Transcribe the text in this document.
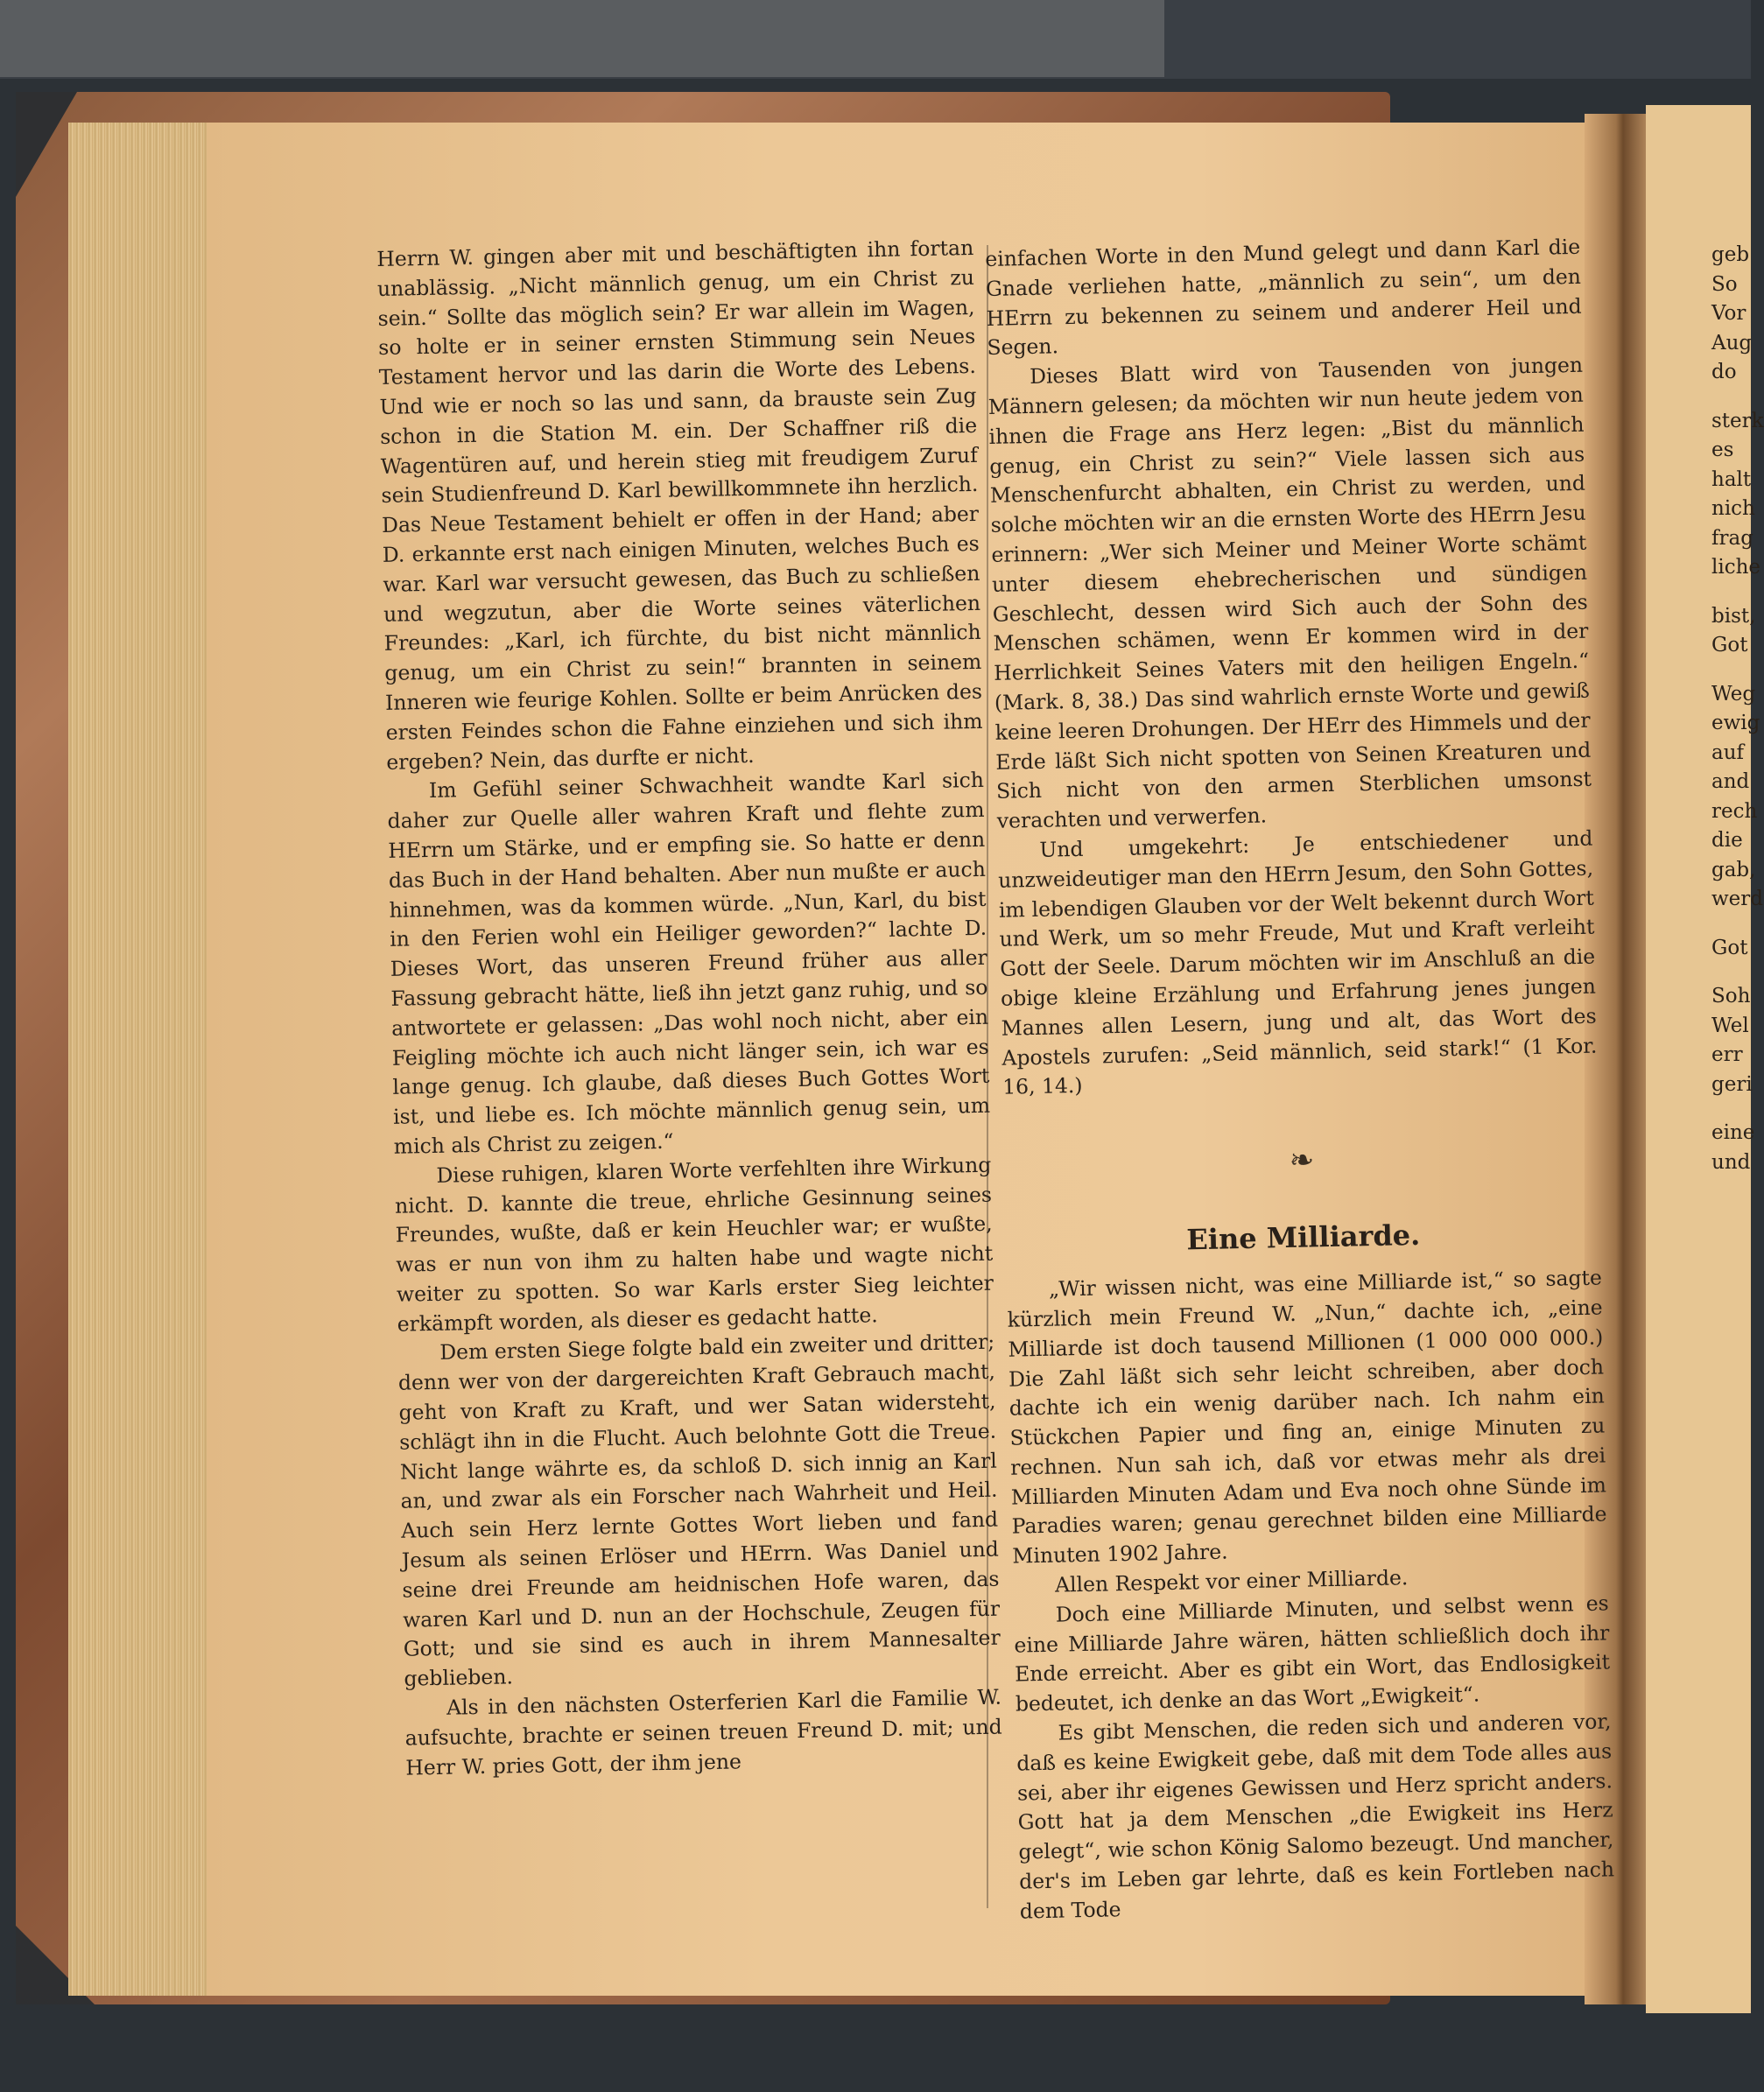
Herrn W. gingen aber mit und beschäftigten ihn fortan unablässig. „Nicht männlich genug, um ein Christ zu sein.“ Sollte das möglich sein? Er war allein im Wagen, so holte er in seiner ernsten Stimmung sein Neues Testament hervor und las darin die Worte des Lebens. Und wie er noch so las und sann, da brauste sein Zug schon in die Station M. ein. Der Schaffner riß die Wagentüren auf, und herein stieg mit freudigem Zuruf sein Studienfreund D. Karl bewillkommnete ihn herzlich. Das Neue Testament behielt er offen in der Hand; aber D. erkannte erst nach einigen Minuten, welches Buch es war. Karl war versucht gewesen, das Buch zu schließen und wegzutun, aber die Worte seines väterlichen Freundes: „Karl, ich fürchte, du bist nicht männlich genug, um ein Christ zu sein!“ brannten in seinem Inneren wie feurige Kohlen. Sollte er beim Anrücken des ersten Feindes schon die Fahne einziehen und sich ihm ergeben? Nein, das durfte er nicht.

Im Gefühl seiner Schwachheit wandte Karl sich daher zur Quelle aller wahren Kraft und flehte zum HErrn um Stärke, und er empfing sie. So hatte er denn das Buch in der Hand behalten. Aber nun mußte er auch hinnehmen, was da kommen würde. „Nun, Karl, du bist in den Ferien wohl ein Heiliger geworden?“ lachte D. Dieses Wort, das unseren Freund früher aus aller Fassung gebracht hätte, ließ ihn jetzt ganz ruhig, und so antwortete er gelassen: „Das wohl noch nicht, aber ein Feigling möchte ich auch nicht länger sein, ich war es lange genug. Ich glaube, daß dieses Buch Gottes Wort ist, und liebe es. Ich möchte männlich genug sein, um mich als Christ zu zeigen.“

Diese ruhigen, klaren Worte verfehlten ihre Wirkung nicht. D. kannte die treue, ehrliche Gesinnung seines Freundes, wußte, daß er kein Heuchler war; er wußte, was er nun von ihm zu halten habe und wagte nicht weiter zu spotten. So war Karls erster Sieg leichter erkämpft worden, als dieser es gedacht hatte.

Dem ersten Siege folgte bald ein zweiter und dritter; denn wer von der dargereichten Kraft Gebrauch macht, geht von Kraft zu Kraft, und wer Satan widersteht, schlägt ihn in die Flucht. Auch belohnte Gott die Treue. Nicht lange währte es, da schloß D. sich innig an Karl an, und zwar als ein Forscher nach Wahrheit und Heil. Auch sein Herz lernte Gottes Wort lieben und fand Jesum als seinen Erlöser und HErrn. Was Daniel und seine drei Freunde am heidnischen Hofe waren, das waren Karl und D. nun an der Hochschule, Zeugen für Gott; und sie sind es auch in ihrem Mannesalter geblieben.

Als in den nächsten Osterferien Karl die Familie W. aufsuchte, brachte er seinen treuen Freund D. mit; und Herr W. pries Gott, der ihm jene

einfachen Worte in den Mund gelegt und dann Karl die Gnade verliehen hatte, „männlich zu sein“, um den HErrn zu bekennen zu seinem und anderer Heil und Segen.

Dieses Blatt wird von Tausenden von jungen Männern gelesen; da möchten wir nun heute jedem von ihnen die Frage ans Herz legen: „Bist du männlich genug, ein Christ zu sein?“ Viele lassen sich aus Menschenfurcht abhalten, ein Christ zu werden, und solche möchten wir an die ernsten Worte des HErrn Jesu erinnern: „Wer sich Meiner und Meiner Worte schämt unter diesem ehebrecherischen und sündigen Geschlecht, dessen wird Sich auch der Sohn des Menschen schämen, wenn Er kommen wird in der Herrlichkeit Seines Vaters mit den heiligen Engeln.“ (Mark. 8, 38.) Das sind wahrlich ernste Worte und gewiß keine leeren Drohungen. Der HErr des Himmels und der Erde läßt Sich nicht spotten von Seinen Kreaturen und Sich nicht von den armen Sterblichen umsonst verachten und verwerfen.

Und umgekehrt: Je entschiedener und unzweideutiger man den HErrn Jesum, den Sohn Gottes, im lebendigen Glauben vor der Welt bekennt durch Wort und Werk, um so mehr Freude, Mut und Kraft verleiht Gott der Seele. Darum möchten wir im Anschluß an die obige kleine Erzählung und Erfahrung jenes jungen Mannes allen Lesern, jung und alt, das Wort des Apostels zurufen: „Seid männlich, seid stark!“ (1 Kor. 16, 14.)

❧
Eine Milliarde.

„Wir wissen nicht, was eine Milliarde ist,“ so sagte kürzlich mein Freund W. „Nun,“ dachte ich, „eine Milliarde ist doch tausend Millionen (1 000 000 000.) Die Zahl läßt sich sehr leicht schreiben, aber doch dachte ich ein wenig darüber nach. Ich nahm ein Stückchen Papier und fing an, einige Minuten zu rechnen. Nun sah ich, daß vor etwas mehr als drei Milliarden Minuten Adam und Eva noch ohne Sünde im Paradies waren; genau gerechnet bilden eine Milliarde Minuten 1902 Jahre.

Allen Respekt vor einer Milliarde.

Doch eine Milliarde Minuten, und selbst wenn es eine Milliarde Jahre wären, hätten schließlich doch ihr Ende erreicht. Aber es gibt ein Wort, das Endlosigkeit bedeutet, ich denke an das Wort „Ewigkeit“.

Es gibt Menschen, die reden sich und anderen vor, daß es keine Ewigkeit gebe, daß mit dem Tode alles aus sei, aber ihr eigenes Gewissen und Herz spricht anders. Gott hat ja dem Menschen „die Ewigkeit ins Herz gelegt“, wie schon König Salomo bezeugt. Und mancher, der's im Leben gar lehrte, daß es kein Fortleben nach dem Tode

geb
So
Vor
Aug
do
sterk
es
halt
nich
frag
liche
bist,
Got
Weg
ewig
auf
and
rech
die
gab,
werd
Got
Soh
Wel
err
geri
eine
und
